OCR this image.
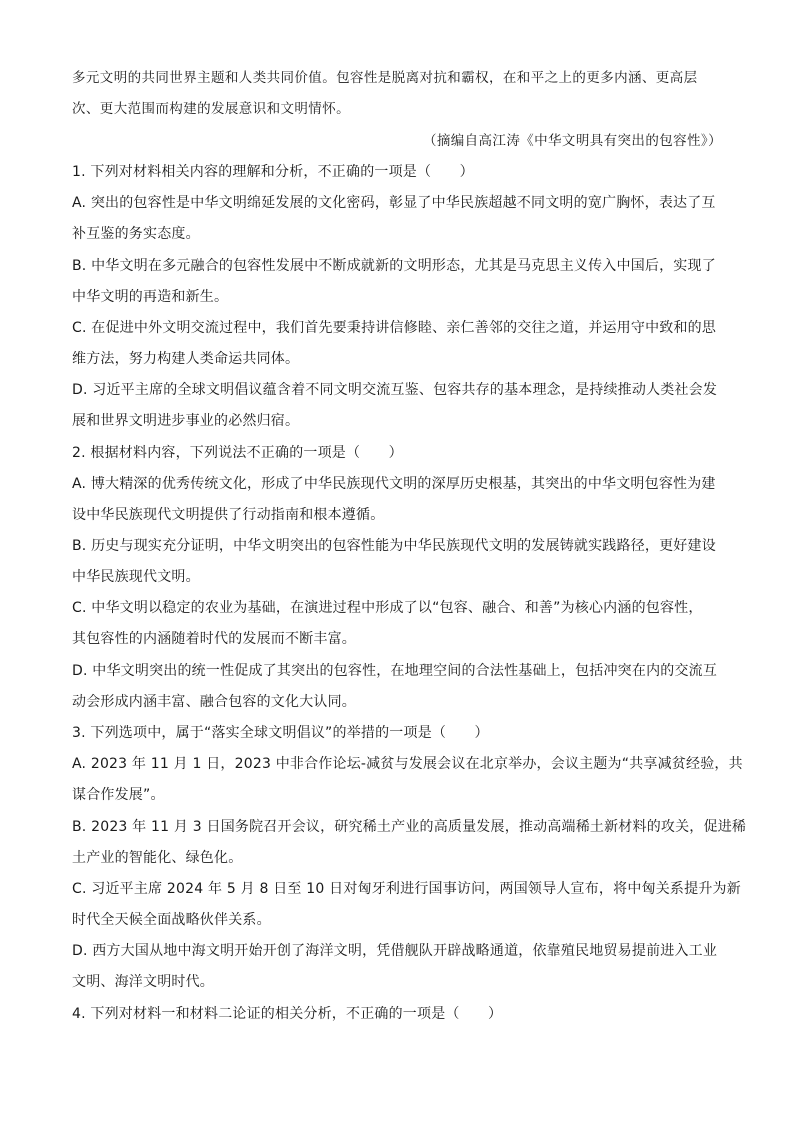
多元文明的共同世界主题和人类共同价值。包容性是脱离对抗和霸权，在和平之上的更多内涵、更高层
次、更大范围而构建的发展意识和文明情怀。
（摘编自高江涛《中华文明具有突出的包容性》）
1. 下列对材料相关内容的理解和分析，不正确的一项是（　　）
A. 突出的包容性是中华文明绵延发展的文化密码，彰显了中华民族超越不同文明的宽广胸怀，表达了互
补互鉴的务实态度。
B. 中华文明在多元融合的包容性发展中不断成就新的文明形态，尤其是马克思主义传入中国后，实现了
中华文明的再造和新生。
C. 在促进中外文明交流过程中，我们首先要秉持讲信修睦、亲仁善邻的交往之道，并运用守中致和的思
维方法，努力构建人类命运共同体。
D. 习近平主席的全球文明倡议蕴含着不同文明交流互鉴、包容共存的基本理念，是持续推动人类社会发
展和世界文明进步事业的必然归宿。
2. 根据材料内容，下列说法不正确的一项是（　　）
A. 博大精深的优秀传统文化，形成了中华民族现代文明的深厚历史根基，其突出的中华文明包容性为建
设中华民族现代文明提供了行动指南和根本遵循。
B. 历史与现实充分证明，中华文明突出的包容性能为中华民族现代文明的发展铸就实践路径，更好建设
中华民族现代文明。
C. 中华文明以稳定的农业为基础，在演进过程中形成了以“包容、融合、和善”为核心内涵的包容性，
其包容性的内涵随着时代的发展而不断丰富。
D. 中华文明突出的统一性促成了其突出的包容性，在地理空间的合法性基础上，包括冲突在内的交流互
动会形成内涵丰富、融合包容的文化大认同。
3. 下列选项中，属于“落实全球文明倡议”的举措的一项是（　　）
A. 2023 年 11 月 1 日，2023 中非合作论坛-减贫与发展会议在北京举办，会议主题为“共享减贫经验，共
谋合作发展”。
B. 2023 年 11 月 3 日国务院召开会议，研究稀土产业的高质量发展，推动高端稀土新材料的攻关，促进稀
土产业的智能化、绿色化。
C. 习近平主席 2024 年 5 月 8 日至 10 日对匈牙利进行国事访问，两国领导人宣布，将中匈关系提升为新
时代全天候全面战略伙伴关系。
D. 西方大国从地中海文明开始开创了海洋文明，凭借舰队开辟战略通道，依靠殖民地贸易提前进入工业
文明、海洋文明时代。
4. 下列对材料一和材料二论证的相关分析，不正确的一项是（　　）
